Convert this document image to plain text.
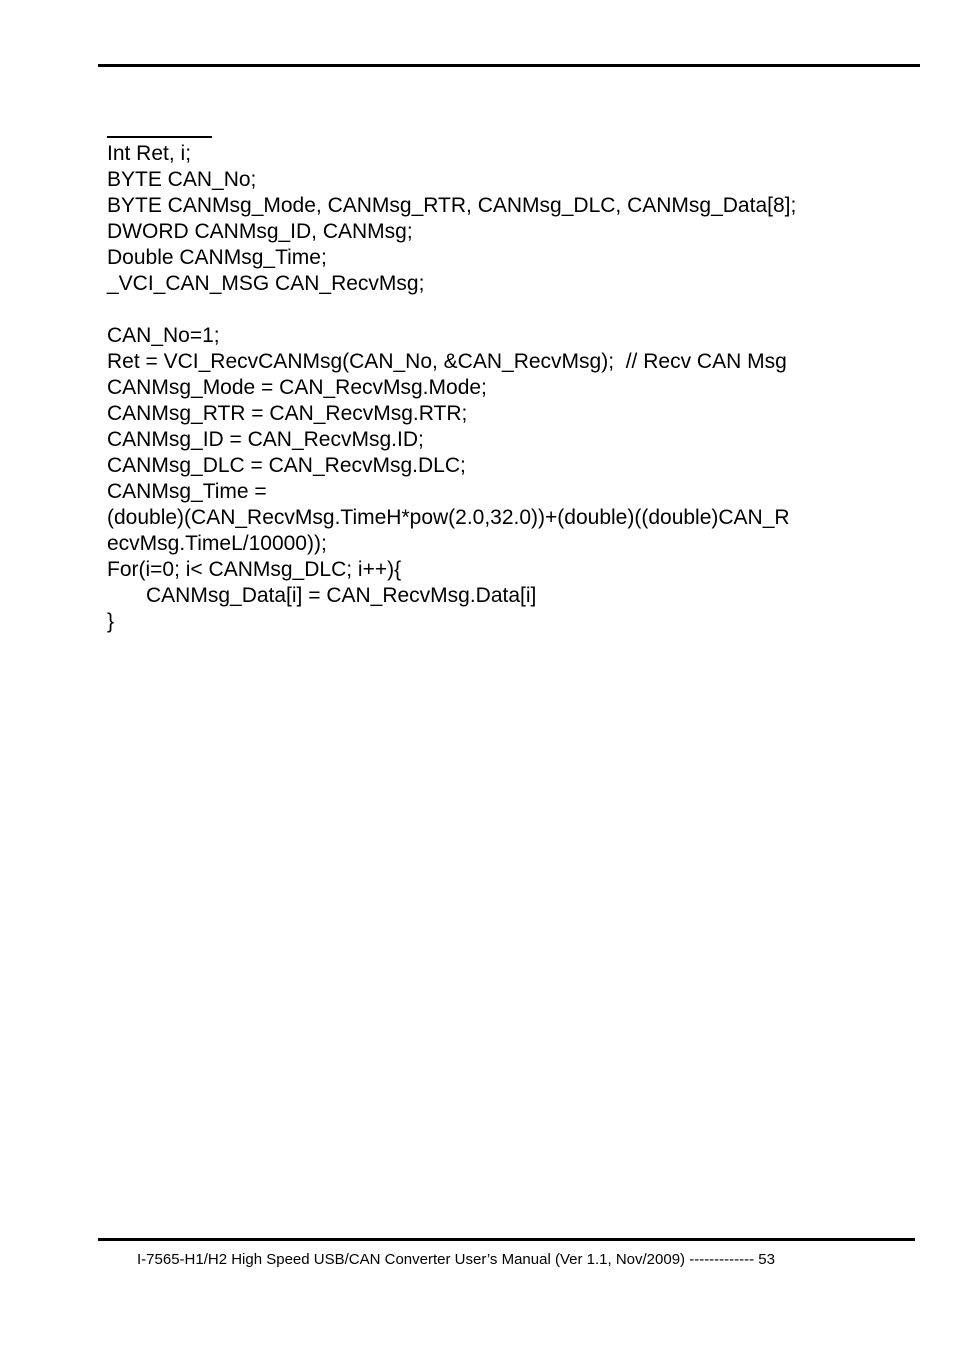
Int Ret, i;
BYTE CAN_No;
BYTE CANMsg_Mode, CANMsg_RTR, CANMsg_DLC, CANMsg_Data[8];
DWORD CANMsg_ID, CANMsg;
Double CANMsg_Time;
_VCI_CAN_MSG CAN_RecvMsg;
CAN_No=1;
Ret = VCI_RecvCANMsg(CAN_No, &CAN_RecvMsg);  // Recv CAN Msg
CANMsg_Mode = CAN_RecvMsg.Mode;
CANMsg_RTR = CAN_RecvMsg.RTR;
CANMsg_ID = CAN_RecvMsg.ID;
CANMsg_DLC = CAN_RecvMsg.DLC;
CANMsg_Time =
(double)(CAN_RecvMsg.TimeH*pow(2.0,32.0))+(double)((double)CAN_R
ecvMsg.TimeL/10000));
For(i=0; i< CANMsg_DLC; i++){
CANMsg_Data[i] = CAN_RecvMsg.Data[i]
}
I-7565-H1/H2 High Speed USB/CAN Converter User’s Manual (Ver 1.1, Nov/2009) ------------- 53
